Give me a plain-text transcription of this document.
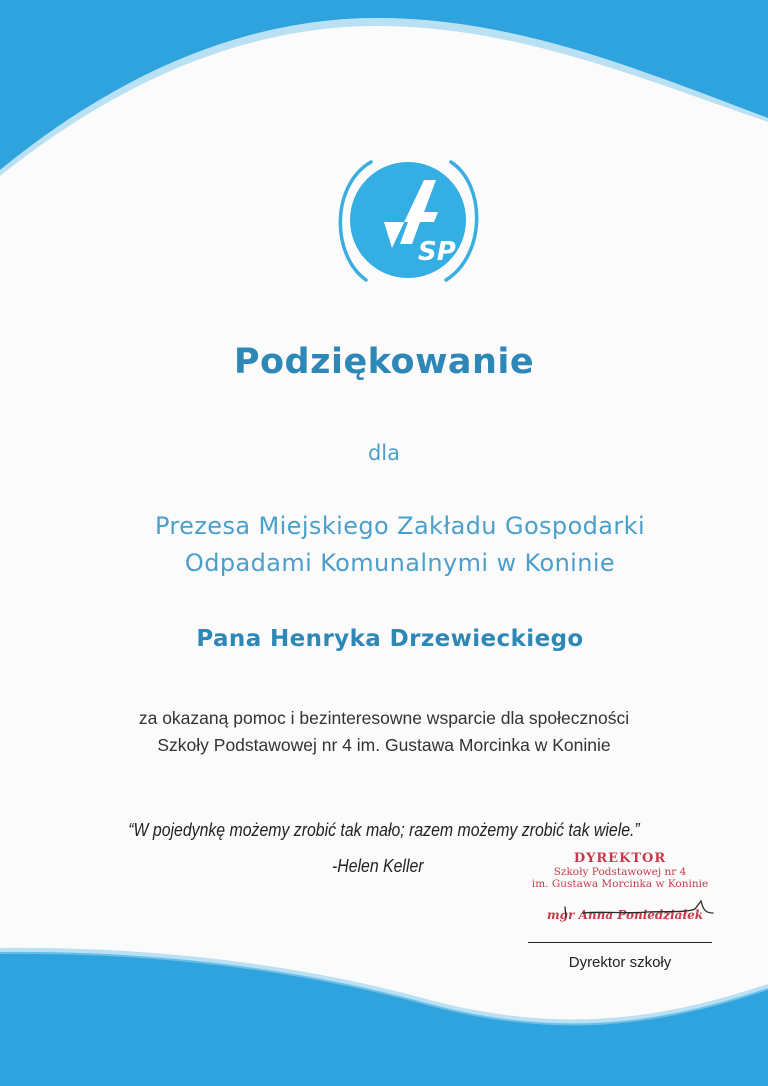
SP
Podziękowanie
dla
Prezesa Miejskiego Zakładu Gospodarki
Odpadami Komunalnymi w Koninie
Pana Henryka Drzewieckiego
za okazaną pomoc i bezinteresowne wsparcie dla społeczności
Szkoły Podstawowej nr 4 im. Gustawa Morcinka w Koninie
“W pojedynkę możemy zrobić tak mało; razem możemy zrobić tak wiele.”
-Helen Keller	DYREKTOR
Szkoły Podstawowej nr 4
im. Gustawa Morcinka w Koninie
mgr Anna Poniedziałek
Dyrektor szkoły
